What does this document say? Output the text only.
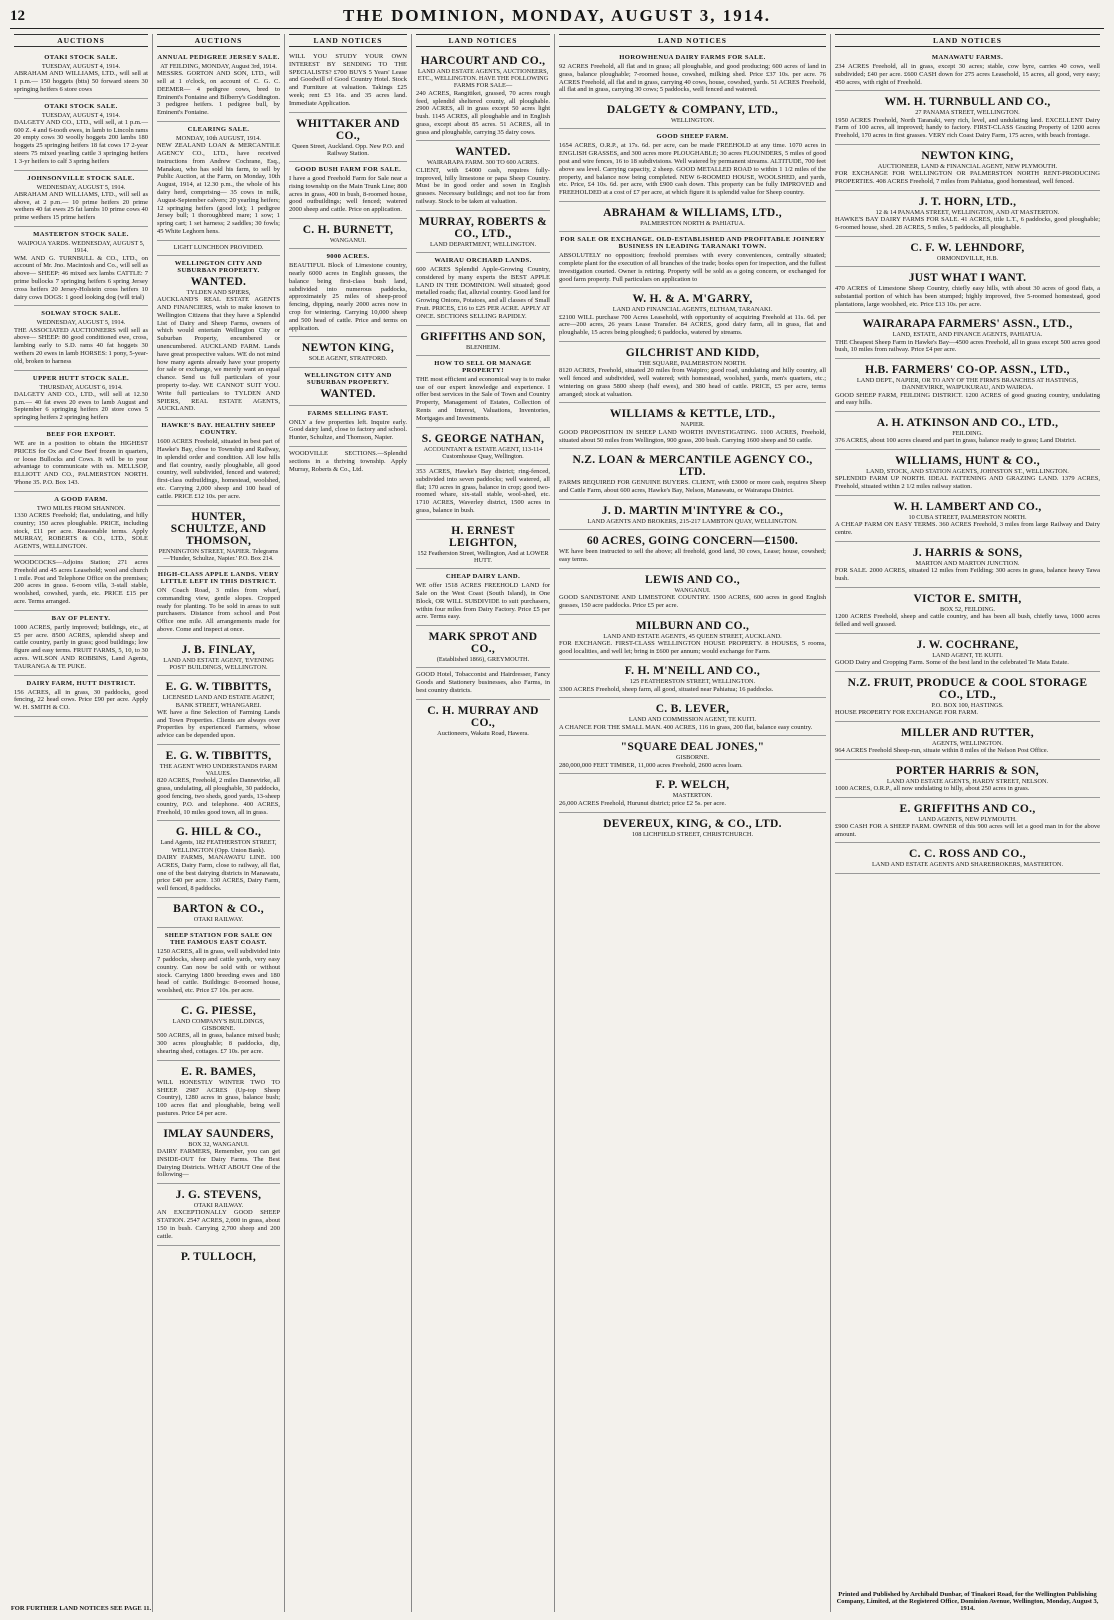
12	THE DOMINION, MONDAY, AUGUST 3, 1914.
AUCTIONS
OTAKI STOCK SALE.
TUESDAY, AUGUST 4, 1914.
ABRAHAM AND WILLIAMS, LTD., will sell at 1 p.m.— 150 hoggets (btts) 50 forward steers 30 springing heifers 6 store cows
OTAKI STOCK SALE.
TUESDAY, AUGUST 4, 1914.
DALGETY AND CO., LTD., will sell, at 1 p.m.— 600 Z. 4 and 6-tooth ewes, in lamb to Lincoln rams 20 empty cows 30 woolly hoggets 200 lambs 180 hoggets 25 springing heifers 18 fat cows 17 2-year steers 75 mixed yearling cattle 3 springing heifers 1 3-yr heifers to calf 3 spring heifers
JOHNSONVILLE STOCK SALE.
WEDNESDAY, AUGUST 5, 1914.
ABRAHAM AND WILLIAMS, LTD., will sell as above, at 2 p.m.— 10 prime heifers 20 prime wethers 40 fat ewes 25 fat lambs 10 prime cows 40 prime wethers 15 prime heifers
MASTERTON STOCK SALE.
WAIPOUA YARDS. WEDNESDAY, AUGUST 5, 1914.
WM. AND G. TURNBULL & CO., LTD., on account of Mr. Jno. Macintosh and Co., will sell as above— SHEEP: 46 mixed sex lambs CATTLE: 7 prime bullocks 7 springing heifers 6 spring Jersey cross heifers 20 Jersey-Holstein cross heifers 10 dairy cows DOGS: 1 good looking dog (will trial)
SOLWAY STOCK SALE.
WEDNESDAY, AUGUST 5, 1914.
THE ASSOCIATED AUCTIONEERS will sell as above— SHEEP: 80 good conditioned ewe, cross, lambing early to S.D. rams 40 fat hoggets 30 wethers 20 ewes in lamb HORSES: 1 pony, 5-year-old, broken to harness
UPPER HUTT STOCK SALE.
THURSDAY, AUGUST 6, 1914.
DALGETY AND CO., LTD., will sell at 12.30 p.m.— 40 fat ewes 20 ewes to lamb August and September 6 springing heifers 20 store cows 5 springing heifers 2 springing heifers
BEEF FOR EXPORT.
WE are in a position to obtain the HIGHEST PRICES for Ox and Cow Beef frozen in quarters, or loose Bullocks and Cows. It will be to your advantage to communicate with us. MELLSOP, ELLIOTT AND CO., PALMERSTON NORTH. 'Phone 35. P.O. Box 143.
A GOOD FARM.
TWO MILES FROM SHANNON.
1330 ACRES Freehold; flat, undulating, and hilly country; 150 acres ploughable. PRICE, including stock, £11 per acre. Reasonable terms. Apply MURRAY, ROBERTS & CO., LTD., SOLE AGENTS, WELLINGTON.
WOODCOCKS—Adjoins Station; 271 acres Freehold and 45 acres Leasehold; wool and church 1 mile. Post and Telephone Office on the premises; 200 acres in grass. 6-room villa, 3-stall stable, woolshed, cowshed, yards, etc. PRICE £15 per acre. Terms arranged.
BAY OF PLENTY.
1000 ACRES, partly improved; buildings, etc., at £5 per acre. 8500 ACRES, splendid sheep and cattle country, partly in grass; good buildings; low figure and easy terms. FRUIT FARMS, 5, 10, to 30 acres. WILSON AND ROBBINS, Land Agents, TAURANGA & TE PUKE.
DAIRY FARM, HUTT DISTRICT.
156 ACRES, all in grass, 30 paddocks, good fencing, 22 head cows. Price £90 per acre. Apply W. H. SMITH & CO.
FOR FURTHER LAND NOTICES SEE PAGE 11.
AUCTIONS
ANNUAL PEDIGREE JERSEY SALE.
AT FEILDING, MONDAY, August 3rd, 1914.
MESSRS. GORTON AND SON, LTD., will sell at 1 o'clock, on account of C. G. C. DEEMER— 4 pedigree cows, bred to Eminent's Fontaine and Bilberry's Goddington. 3 pedigree heifers. 1 pedigree bull, by Eminent's Fontaine.
CLEARING SALE.
MONDAY, 10th AUGUST, 1914.
NEW ZEALAND LOAN & MERCANTILE AGENCY CO., LTD., have received instructions from Andrew Cochrane, Esq., Manakau, who has sold his farm, to sell by Public Auction, at the Farm, on Monday, 10th August, 1914, at 12.30 p.m., the whole of his dairy herd, comprising— 35 cows in milk, August-September calvers; 20 yearling heifers; 12 springing heifers (good lot); 1 pedigree Jersey bull; 1 thoroughbred mare; 1 sow; 1 spring cart; 1 set harness; 2 saddles; 30 fowls; 45 White Leghorn hens.
LIGHT LUNCHEON PROVIDED.
WELLINGTON CITY AND SUBURBAN PROPERTY.
WANTED.
TYLDEN AND SPIERS,
AUCKLAND'S REAL ESTATE AGENTS AND FINANCIERS, wish to make known to Wellington Citizens that they have a Splendid List of Dairy and Sheep Farms, owners of which would entertain Wellington City or Suburban Property, encumbered or unencumbered. AUCKLAND FARM. Lands have great prospective values. WE do not mind how many agents already have your property for sale or exchange, we merely want an equal chance. Send us full particulars of your property to-day. WE CANNOT SUIT YOU. Write full particulars to TYLDEN AND SPIERS, REAL ESTATE AGENTS, AUCKLAND.
HAWKE'S BAY. HEALTHY SHEEP COUNTRY.
1600 ACRES Freehold, situated in best part of Hawke's Bay, close to Township and Railway, in splendid order and condition. All low hills and flat country, easily ploughable, all good country, well subdivided, fenced and watered; first-class outbuildings, homestead, woolshed, etc. Carrying 2,000 sheep and 100 head of cattle. PRICE £12 10s. per acre.
HUNTER, SCHULTZE, AND THOMSON,
PENNINGTON STREET, NAPIER. Telegrams—'Hunder, Schultze, Napier.' P.O. Box 214.
HIGH-CLASS APPLE LANDS. VERY LITTLE LEFT IN THIS DISTRICT.
ON Coach Road, 3 miles from wharf, commanding view, gentle slopes. Cropped ready for planting. To be sold in areas to suit purchasers. Distance from school and Post Office one mile. All arrangements made for above. Come and inspect at once.
J. B. FINLAY,
LAND AND ESTATE AGENT, 'EVENING POST' BUILDINGS, WELLINGTON.
E. G. W. TIBBITTS,
LICENSED LAND AND ESTATE AGENT, BANK STREET, WHANGAREI.
WE have a fine Selection of Farming Lands and Town Properties. Clients are always over Properties by experienced Farmers, whose advice can be depended upon.
E. G. W. TIBBITTS,
THE AGENT WHO UNDERSTANDS FARM VALUES.
820 ACRES, Freehold, 2 miles Dannevirke, all grass, undulating, all ploughable, 30 paddocks, good fencing, two sheds, good yards, 13-sheep country, P.O. and telephone. 400 ACRES, Freehold, 10 miles good town, all in grass.
G. HILL & CO.,
Land Agents, 182 FEATHERSTON STREET, WELLINGTON (Opp. Union Bank).
DAIRY FARMS, MANAWATU LINE. 100 ACRES, Dairy Farm, close to railway, all flat, one of the best dairying districts in Manawatu, price £40 per acre. 130 ACRES, Dairy Farm, well fenced, 8 paddocks.
BARTON & CO.,
OTAKI RAILWAY.
SHEEP STATION FOR SALE ON THE FAMOUS EAST COAST.
1250 ACRES, all in grass, well subdivided into 7 paddocks, sheep and cattle yards, very easy country. Can now be sold with or without stock. Carrying 1800 breeding ewes and 180 head of cattle. Buildings: 8-roomed house, woolshed, etc. Price £7 10s. per acre.
C. G. PIESSE,
LAND COMPANY'S BUILDINGS, GISBORNE.
500 ACRES, all in grass, balance mixed bush; 300 acres ploughable; 8 paddocks, dip, shearing shed, cottages. £7 10s. per acre.
E. R. BAMES,
WILL HONESTLY WINTER TWO TO SHEEP. 2987 ACRES (Up-top Sheep Country), 1280 acres in grass, balance bush; 100 acres flat and ploughable, being well pastures. Price £4 per acre.
IMLAY SAUNDERS,
BOX 32, WANGANUI.
DAIRY FARMERS, Remember, you can get INSIDE-OUT for Dairy Farms. The Best Dairying Districts. WHAT ABOUT One of the following—
J. G. STEVENS,
OTAKI RAILWAY.
AN EXCEPTIONALLY GOOD SHEEP STATION. 2547 ACRES, 2,000 in grass, about 150 in bush. Carrying 2,700 sheep and 200 cattle.
P. TULLOCH,
LAND NOTICES
WILL YOU STUDY YOUR OWN INTEREST BY SENDING TO THE SPECIALISTS? £700 BUYS 5 Years' Lease and Goodwill of Good Country Hotel. Stock and Furniture at valuation. Takings £25 week; rent £3 16s. and 35 acres land. Immediate Application.
WHITTAKER AND CO.,
Queen Street, Auckland. Opp. New P.O. and Railway Station.
GOOD BUSH FARM FOR SALE.
I have a good Freehold Farm for Sale near a rising township on the Main Trunk Line; 800 acres in grass, 400 in bush, 8-roomed house, good outbuildings; well fenced; watered 2000 sheep and cattle. Price on application.
C. H. BURNETT,
WANGANUI.
9000 ACRES.
BEAUTIFUL Block of Limestone country, nearly 6000 acres in English grasses, the balance being first-class bush land, subdivided into numerous paddocks, approximately 25 miles of sheep-proof fencing, dipping, nearly 2000 acres now in crop for wintering. Carrying 10,000 sheep and 500 head of cattle. Price and terms on application.
NEWTON KING,
SOLE AGENT, STRATFORD.
WELLINGTON CITY AND SUBURBAN PROPERTY.
WANTED.
FARMS SELLING FAST.
ONLY a few properties left. Inquire early. Good dairy land, close to factory and school. Hunter, Schultze, and Thomson, Napier.
WOODVILLE SECTIONS.—Splendid sections in a thriving township. Apply Murray, Roberts & Co., Ltd.
LAND NOTICES
HARCOURT AND CO.,
LAND AND ESTATE AGENTS, AUCTIONEERS, ETC., WELLINGTON. HAVE THE FOLLOWING FARMS FOR SALE—
240 ACRES, Rangitikei, grassed, 70 acres rough feed, splendid sheltered county, all ploughable. 2900 ACRES, all in grass except 50 acres light bush. 1145 ACRES, all ploughable and in English grass, except about 85 acres. 51 ACRES, all in grass and ploughable, carrying 35 dairy cows.
WANTED.
WAIRARAPA FARM. 300 TO 600 ACRES.
CLIENT, with £4000 cash, requires fully-improved, hilly limestone or papa Sheep Country. Must be in good order and sown in English grasses. Necessary buildings; and not too far from railway. Stock to be taken at valuation.
MURRAY, ROBERTS & CO., LTD.,
LAND DEPARTMENT, WELLINGTON.
WAIRAU ORCHARD LANDS.
600 ACRES Splendid Apple-Growing Country, considered by many experts the BEST APPLE LAND IN THE DOMINION. Well situated; good metalled roads; flat, alluvial country. Good land for Growing Onions, Potatoes, and all classes of Small Fruit. PRICES, £16 to £25 PER ACRE. APPLY AT ONCE. SECTIONS SELLING RAPIDLY.
GRIFFITHS AND SON,
BLENHEIM.
HOW TO SELL OR MANAGE PROPERTY!
THE most efficient and economical way is to make use of our expert knowledge and experience. I offer best services in the Sale of Town and Country Property, Management of Estates, Collection of Rents and Interest, Valuations, Inventories, Mortgages and Investments.
S. GEORGE NATHAN,
ACCOUNTANT & ESTATE AGENT, 113-114 Customhouse Quay, Wellington.
353 ACRES, Hawke's Bay district; ring-fenced, subdivided into seven paddocks; well watered, all flat; 170 acres in grass, balance in crop; good two-roomed whare, six-stall stable, wool-shed, etc. 1710 ACRES, Waverley district, 1500 acres in grass, balance in bush.
H. ERNEST LEIGHTON,
152 Featherston Street, Wellington, And at LOWER HUTT.
CHEAP DAIRY LAND.
WE offer 1518 ACRES FREEHOLD LAND for Sale on the West Coast (South Island), in One Block, OR WILL SUBDIVIDE to suit purchasers, within four miles from Dairy Factory. Price £5 per acre. Terms easy.
MARK SPROT AND CO.,
(Established 1866), GREYMOUTH.
GOOD Hotel, Tobacconist and Hairdresser, Fancy Goods and Stationery businesses, also Farms, in best country districts.
C. H. MURRAY AND CO.,
Auctioneers, Wakatu Road, Hawera.
LAND NOTICES
HOROWHENUA DAIRY FARMS FOR SALE.
92 ACRES Freehold, all flat and in grass; all ploughable, and good producing; 600 acres of land in grass, balance ploughable; 7-roomed house, cowshed, milking shed. Price £37 10s. per acre. 76 ACRES Freehold, all flat and in grass, carrying 40 cows, house, cowshed, yards. 51 ACRES Freehold, all flat and in grass, carrying 30 cows; 5 paddocks, well fenced and watered.
DALGETY & COMPANY, LTD.,
WELLINGTON.
GOOD SHEEP FARM.
1654 ACRES, O.R.P., at 17s. 6d. per acre, can be made FREEHOLD at any time. 1070 acres in ENGLISH GRASSES, and 300 acres more PLOUGHABLE; 30 acres FLOUNDERS, 5 miles of good post and wire fences, 16 to 18 subdivisions. Well watered by permanent streams. ALTITUDE, 700 feet above sea level. Carrying capacity, 2 sheep. GOOD METALLED ROAD to within 1 1/2 miles of the property, and balance now being completed. NEW 6-ROOMED HOUSE, WOOLSHED, and yards, etc. Price, £4 10s. 6d. per acre, with £900 cash down. This property can be fully IMPROVED and FREEHOLDED at a cost of £7 per acre, at which figure it is splendid value for Sheep country.
ABRAHAM & WILLIAMS, LTD.,
PALMERSTON NORTH & PAHIATUA.
FOR SALE OR EXCHANGE. OLD-ESTABLISHED AND PROFITABLE JOINERY BUSINESS IN LEADING TARANAKI TOWN.
ABSOLUTELY no opposition; freehold premises with every conveniences, centrally situated; complete plant for the execution of all branches of the trade; books open for inspection, and the fullest investigation courted. Owner is retiring. Property will be sold as a going concern, or exchanged for good farm property. Full particulars on application to
W. H. & A. M'GARRY,
LAND AND FINANCIAL AGENTS, ELTHAM, TARANAKI.
£2100 WILL purchase 700 Acres Leasehold, with opportunity of acquiring Freehold at 11s. 6d. per acre—200 acres, 26 years Lease Transfer. 84 ACRES, good dairy farm, all in grass, flat and ploughable, 15 acres being ploughed; 6 paddocks, watered by streams.
GILCHRIST AND KIDD,
THE SQUARE, PALMERSTON NORTH.
8120 ACRES, Freehold, situated 20 miles from Waipiro; good road, undulating and hilly country, all well fenced and subdivided, well watered; with homestead, woolshed, yards, men's quarters, etc.; wintering on grass 5800 sheep (half ewes), and 380 head of cattle. PRICE, £5 per acre, terms arranged; stock at valuation.
WILLIAMS & KETTLE, LTD.,
NAPIER.
GOOD PROPOSITION IN SHEEP LAND WORTH INVESTIGATING. 1100 ACRES, Freehold, situated about 50 miles from Wellington, 900 grass, 200 bush. Carrying 1600 sheep and 50 cattle.
N.Z. LOAN & MERCANTILE AGENCY CO., LTD.
FARMS REQUIRED FOR GENUINE BUYERS. CLIENT, with £3000 or more cash, requires Sheep and Cattle Farm, about 600 acres, Hawke's Bay, Nelson, Manawatu, or Wairarapa District.
J. D. MARTIN M'INTYRE & CO.,
LAND AGENTS AND BROKERS, 215-217 LAMBTON QUAY, WELLINGTON.
60 ACRES, GOING CONCERN—£1500.
WE have been instructed to sell the above; all freehold, good land, 30 cows, Lease; house, cowshed; easy terms.
LEWIS AND CO.,
WANGANUI.
GOOD SANDSTONE AND LIMESTONE COUNTRY. 1500 ACRES, 600 acres in good English grasses, 150 acre paddocks. Price £5 per acre.
MILBURN AND CO.,
LAND AND ESTATE AGENTS, 45 QUEEN STREET, AUCKLAND.
FOR EXCHANGE. FIRST-CLASS WELLINGTON HOUSE PROPERTY. 8 HOUSES, 5 rooms, good localities, and well let; bring in £600 per annum; would exchange for Farm.
F. H. M'NEILL AND CO.,
125 FEATHERSTON STREET, WELLINGTON.
3300 ACRES Freehold, sheep farm, all good, situated near Pahiatua; 16 paddocks.
C. B. LEVER,
LAND AND COMMISSION AGENT, TE KUITI.
A CHANCE FOR THE SMALL MAN. 400 ACRES, 116 in grass, 200 flat, balance easy country.
"SQUARE DEAL JONES,"
GISBORNE.
280,000,000 FEET TIMBER, 11,000 acres Freehold, 2600 acres loam.
F. P. WELCH,
MASTERTON.
26,000 ACRES Freehold, Hurunui district; price £2 5s. per acre.
DEVEREUX, KING, & CO., LTD.
108 LICHFIELD STREET, CHRISTCHURCH.
LAND NOTICES
MANAWATU FARMS.
234 ACRES Freehold, all in grass, except 30 acres; stable, cow byre, carries 40 cows, well subdivided; £40 per acre. £600 CASH down for 275 acres Leasehold, 15 acres, all good, very easy; 450 acres, with right of Freehold.
WM. H. TURNBULL AND CO.,
27 PANAMA STREET, WELLINGTON.
1950 ACRES Freehold, North Taranaki, very rich, level, and undulating land. EXCELLENT Dairy Farm of 100 acres, all improved; handy to factory. FIRST-CLASS Grazing Property of 1200 acres Freehold, 170 acres in first grasses. VERY rich Coast Dairy Farm, 175 acres, with beach frontage.
NEWTON KING,
AUCTIONEER, LAND & FINANCIAL AGENT, NEW PLYMOUTH.
FOR EXCHANGE FOR WELLINGTON OR PALMERSTON NORTH RENT-PRODUCING PROPERTIES. 408 ACRES Freehold, 7 miles from Pahiatua, good homestead, well fenced.
J. T. HORN, LTD.,
12 & 14 PANAMA STREET, WELLINGTON, AND AT MASTERTON.
HAWKE'S BAY DAIRY FARMS FOR SALE. 41 ACRES, title L.T., 6 paddocks, good ploughable; 6-roomed house, shed. 28 ACRES, 5 miles, 5 paddocks, all ploughable.
C. F. W. LEHNDORF,
ORMONDVILLE, H.B.
JUST WHAT I WANT.
470 ACRES of Limestone Sheep Country, chiefly easy hills, with about 30 acres of good flats, a substantial portion of which has been stumped; highly improved, five 5-roomed homestead, good plantations, large woolshed, etc. Price £13 10s. per acre.
WAIRARAPA FARMERS' ASSN., LTD.,
LAND, ESTATE, AND FINANCE AGENTS, PAHIATUA.
THE Cheapest Sheep Farm in Hawke's Bay—4500 acres Freehold, all in grass except 500 acres good bush, 10 miles from railway. Price £4 per acre.
H.B. FARMERS' CO-OP. ASSN., LTD.,
LAND DEPT., NAPIER, OR TO ANY OF THE FIRM'S BRANCHES AT HASTINGS, DANNEVIRKE, WAIPUKURAU, AND WAIROA.
GOOD SHEEP FARM, FEILDING DISTRICT. 1200 ACRES of good grazing country, undulating and easy hills.
A. H. ATKINSON AND CO., LTD.,
FEILDING.
376 ACRES, about 100 acres cleared and part in grass, balance ready to grass; Land District.
WILLIAMS, HUNT & CO.,
LAND, STOCK, AND STATION AGENTS, JOHNSTON ST., WELLINGTON.
SPLENDID FARM UP NORTH. IDEAL FATTENING AND GRAZING LAND. 1379 ACRES, Freehold, situated within 2 1/2 miles railway station.
W. H. LAMBERT AND CO.,
10 CUBA STREET, PALMERSTON NORTH.
A CHEAP FARM ON EASY TERMS. 360 ACRES Freehold, 3 miles from large Railway and Dairy centre.
J. HARRIS & SONS,
MARTON AND MARTON JUNCTION.
FOR SALE. 2000 ACRES, situated 12 miles from Feilding; 300 acres in grass, balance heavy Tawa bush.
VICTOR E. SMITH,
BOX 52, FEILDING.
1200 ACRES Freehold, sheep and cattle country, and has been all bush, chiefly tawa, 1000 acres felled and well grassed.
J. W. COCHRANE,
LAND AGENT, TE KUITI.
GOOD Dairy and Cropping Farm. Some of the best land in the celebrated Te Mata Estate.
N.Z. FRUIT, PRODUCE & COOL STORAGE CO., LTD.,
P.O. BOX 100, HASTINGS.
HOUSE PROPERTY FOR EXCHANGE FOR FARM.
MILLER AND RUTTER,
AGENTS, WELLINGTON.
964 ACRES Freehold Sheep-run, situate within 8 miles of the Nelson Post Office.
PORTER HARRIS & SON,
LAND AND ESTATE AGENTS, HARDY STREET, NELSON.
1000 ACRES, O.R.P., all now undulating to hilly, about 250 acres in grass.
E. GRIFFITHS AND CO.,
LAND AGENTS, NEW PLYMOUTH.
£900 CASH FOR A SHEEP FARM. OWNER of this 900 acres will let a good man in for the above amount.
C. C. ROSS AND CO.,
LAND AND ESTATE AGENTS AND SHAREBROKERS, MASTERTON.
Printed and Published by Archibald Dunbar, of Tinakori Road, for the Wellington Publishing Company, Limited, at the Registered Office, Dominion Avenue, Wellington, Monday, August 3, 1914.
